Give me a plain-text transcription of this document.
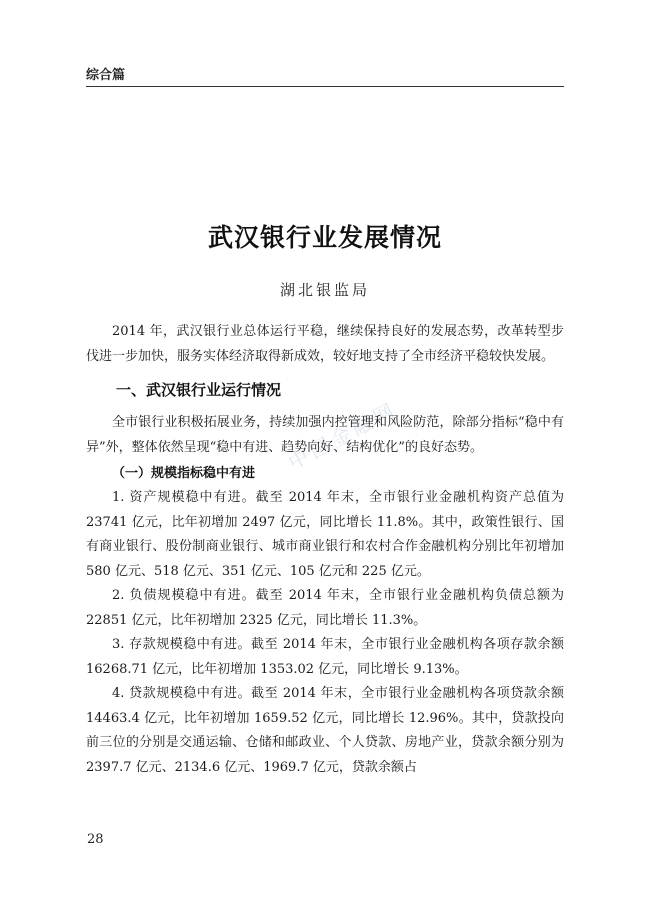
综合篇
武汉银行业发展情况
湖北银监局
中国金融网

2014 年，武汉银行业总体运行平稳，继续保持良好的发展态势，改革转型步伐进一步加快，服务实体经济取得新成效，较好地支持了全市经济平稳较快发展。

一、武汉银行业运行情况

全市银行业积极拓展业务，持续加强内控管理和风险防范，除部分指标“稳中有异”外，整体依然呈现“稳中有进、趋势向好、结构优化”的良好态势。

（一）规模指标稳中有进

1. 资产规模稳中有进。截至 2014 年末，全市银行业金融机构资产总值为 23741 亿元，比年初增加 2497 亿元，同比增长 11.8%。其中，政策性银行、国有商业银行、股份制商业银行、城市商业银行和农村合作金融机构分别比年初增加 580 亿元、518 亿元、351 亿元、105 亿元和 225 亿元。

2. 负债规模稳中有进。截至 2014 年末，全市银行业金融机构负债总额为 22851 亿元，比年初增加 2325 亿元，同比增长 11.3%。

3. 存款规模稳中有进。截至 2014 年末，全市银行业金融机构各项存款余额 16268.71 亿元，比年初增加 1353.02 亿元，同比增长 9.13%。

4. 贷款规模稳中有进。截至 2014 年末，全市银行业金融机构各项贷款余额 14463.4 亿元，比年初增加 1659.52 亿元，同比增长 12.96%。其中，贷款投向前三位的分别是交通运输、仓储和邮政业、个人贷款、房地产业，贷款余额分别为 2397.7 亿元、2134.6 亿元、1969.7 亿元，贷款余额占

28
